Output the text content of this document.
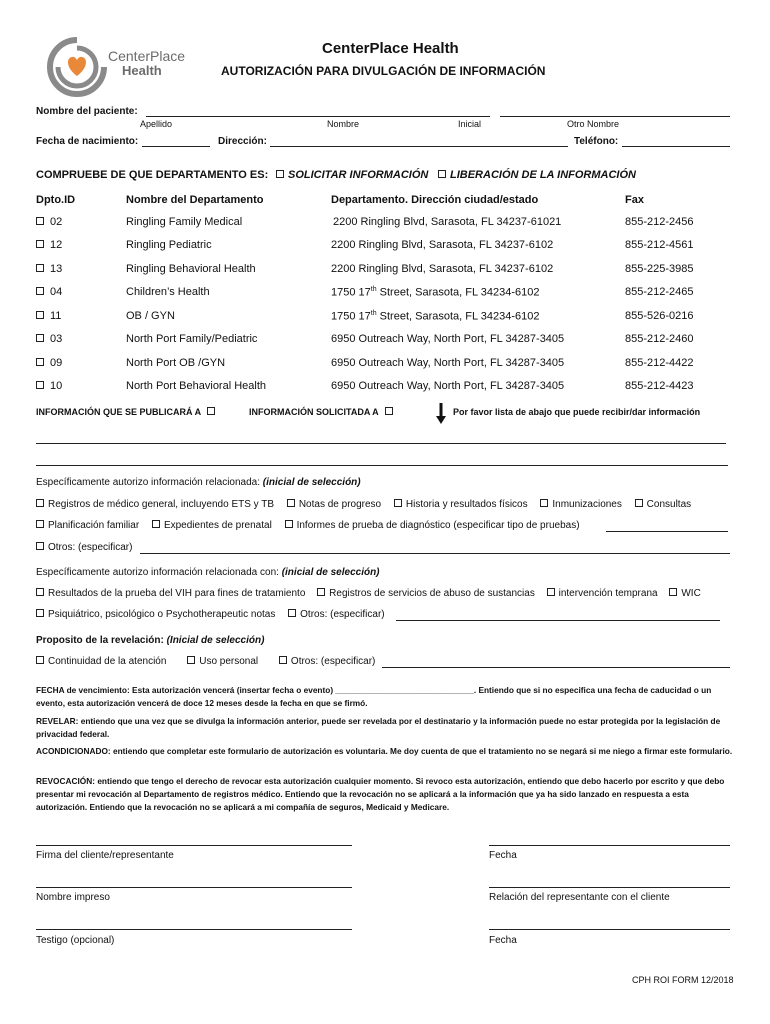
CenterPlace
Health
CenterPlace Health
AUTORIZACIÓN PARA DIVULGACIÓN DE INFORMACIÓN
Nombre del paciente:
Apellido	Nombre	Inicial	Otro Nombre
Fecha de nacimiento:	Dirección:	Teléfono:
COMPRUEBE DE QUE DEPARTAMENTO ES:	SOLICITAR INFORMACIÓN	LIBERACIÓN DE LA INFORMACIÓN
Dpto.ID	Nombre del Departamento	Departamento. Dirección ciudad/estado	Fax
02	Ringling Family Medical	2200 Ringling Blvd, Sarasota, FL 34237-61021	855-212-2456
12	Ringling Pediatric	2200 Ringling Blvd, Sarasota, FL 34237-6102	855-212-4561
13	Ringling Behavioral Health	2200 Ringling Blvd, Sarasota, FL 34237-6102	855-225-3985
04	Children’s Health	1750 17th Street, Sarasota, FL 34234-6102	855-212-2465
11	OB / GYN	1750 17th Street, Sarasota, FL 34234-6102	855-526-0216
03	North Port Family/Pediatric	6950 Outreach Way, North Port, FL 34287-3405	855-212-2460
09	North Port OB /GYN	6950 Outreach Way, North Port, FL 34287-3405	855-212-4422
10	North Port Behavioral Health	6950 Outreach Way, North Port, FL 34287-3405	855-212-4423
INFORMACIÓN QUE SE PUBLICARÁ A	INFORMACIÓN SOLICITADA A	Por favor lista de abajo que puede recibir/dar información
Específicamente autorizo información relacionada: (inicial de selección)
Registros de médico general, incluyendo ETS y TB Notas de progreso Historia y resultados físicos Inmunizaciones Consultas
Planificación familiar Expedientes de prenatal Informes de prueba de diagnóstico (especificar tipo de pruebas)
Otros: (especificar)
Específicamente autorizo información relacionada con: (inicial de selección)
Resultados de la prueba del VIH para fines de tratamiento Registros de servicios de abuso de sustancias intervención temprana WIC
Psiquiátrico, psicológico o Psychotherapeutic notas Otros: (especificar)
Proposito de la revelación: (Inicial de selección)
Continuidad de la atención	Uso personal	Otros: (especificar)
FECHA de vencimiento: Esta autorización vencerá (insertar fecha o evento) ______________________________. Entiendo que si no especifica una fecha de caducidad o un evento, esta autorización vencerá de doce 12 meses desde la fecha en que se firmó.
REVELAR: entiendo que una vez que se divulga la información anterior, puede ser revelada por el destinatario y la información puede no estar protegida por la legislación de privacidad federal.
ACONDICIONADO: entiendo que completar este formulario de autorización es voluntaria. Me doy cuenta de que el tratamiento no se negará si me niego a firmar este formulario.
REVOCACIÓN: entiendo que tengo el derecho de revocar esta autorización cualquier momento. Si revoco esta autorización, entiendo que debo hacerlo por escrito y que debo presentar mi revocación al Departamento de registros médico. Entiendo que la revocación no se aplicará a la información que ya ha sido lanzado en respuesta a esta autorización. Entiendo que la revocación no se aplicará a mi compañía de seguros, Medicaid y Medicare.
Firma del cliente/representante	Fecha
Nombre impreso	Relación del representante con el cliente
Testigo (opcional)	Fecha
CPH ROI FORM 12/2018
